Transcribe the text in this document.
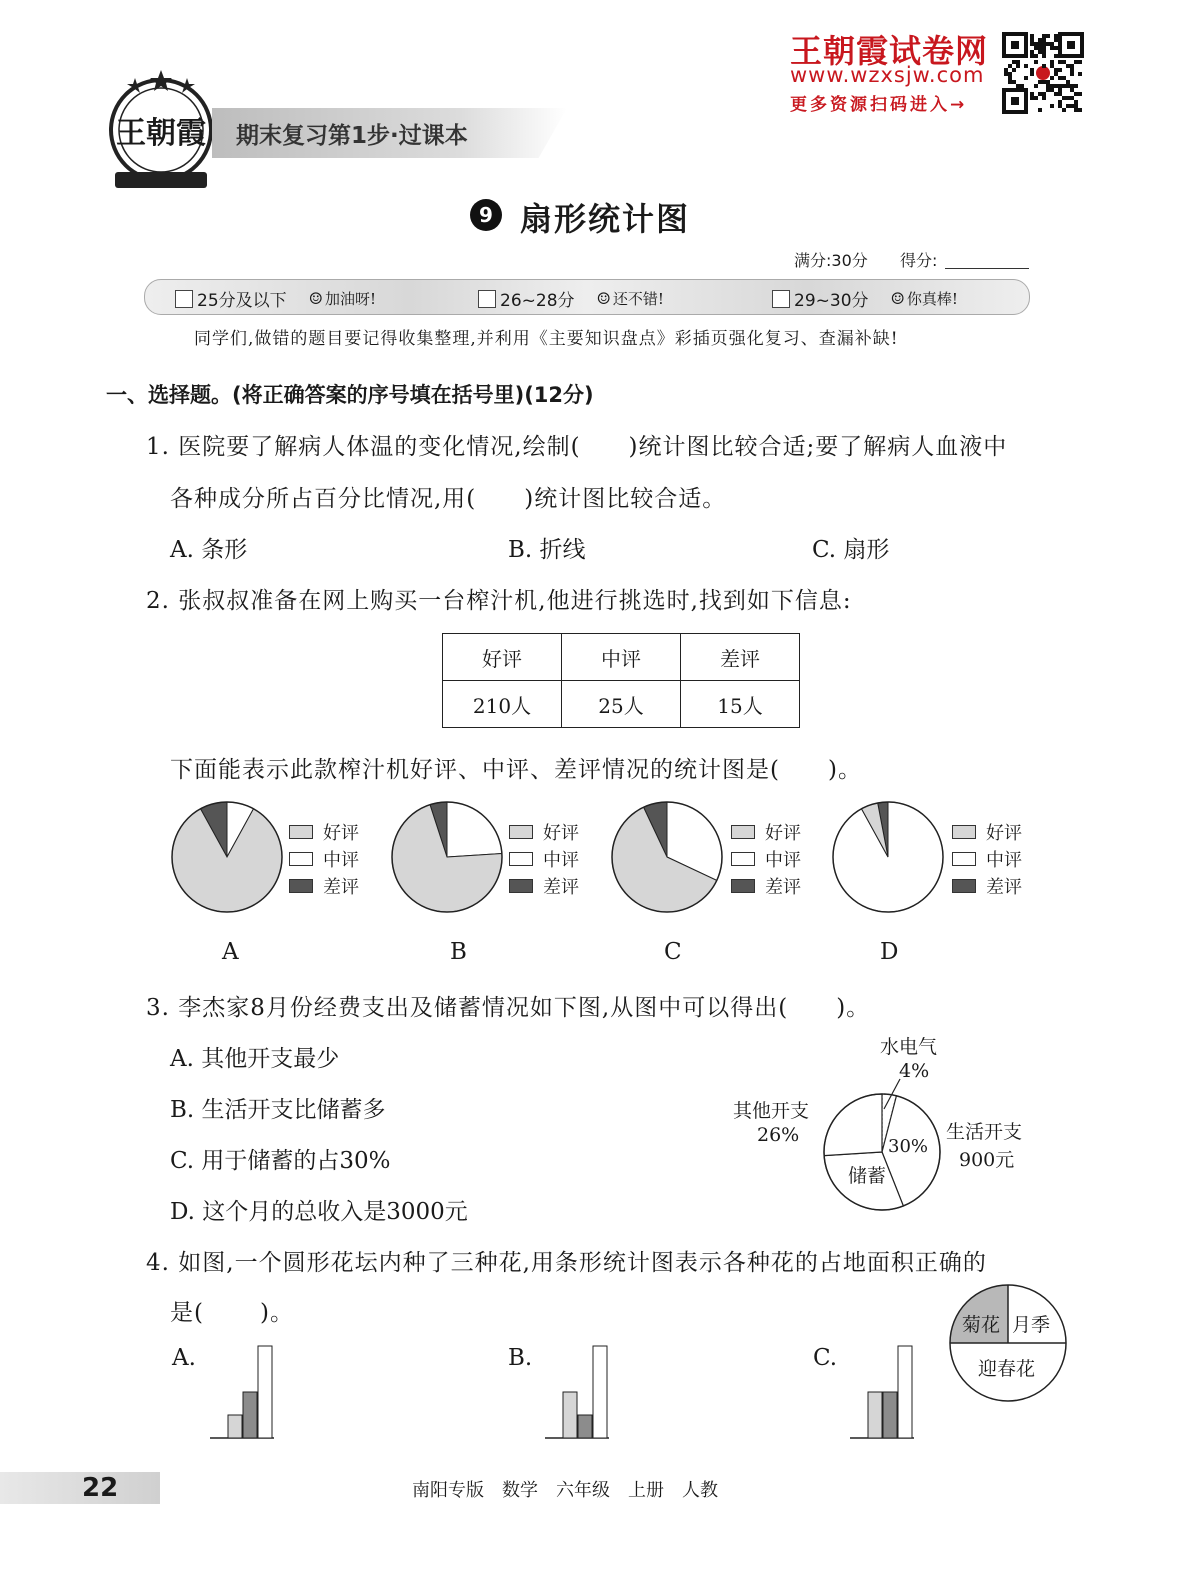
王朝霞 期末复习第1步·过课本
王朝霞试卷网
www.wzxsjw.com
更多资源扫码进入→
9 扇形统计图
满分:30分 得分:
25分及以下 ☺ 加油呀!	26~28分 ☺ 还不错!	29~30分 ☺ 你真棒!
同学们,做错的题目要记得收集整理,并利用《主要知识盘点》彩插页强化复习、查漏补缺!
一、选择题。(将正确答案的序号填在括号里)(12分)
1. 医院要了解病人体温的变化情况,绘制( )统计图比较合适;要了解病人血液中
各种成分所占百分比情况,用( )统计图比较合适。
A. 条形	B. 折线	C. 扇形
2. 张叔叔准备在网上购买一台榨汁机,他进行挑选时,找到如下信息:
好评	中评	差评
210人	25人	15人
下面能表示此款榨汁机好评、中评、差评情况的统计图是( )。
好评
中评
差评
好评
中评
差评
好评
中评
差评
好评
中评
差评
A	B	C	D
3. 李杰家8月份经费支出及储蓄情况如下图,从图中可以得出( )。
A. 其他开支最少
B. 生活开支比储蓄多
C. 用于储蓄的占30%
D. 这个月的总收入是3000元
水电气
4%
其他开支
26%	生活开支
900元
储蓄
30%
4. 如图,一个圆形花坛内种了三种花,用条形统计图表示各种花的占地面积正确的
是( )。
A.	B.	C.
菊花 月季
迎春花
22	南阳专版　数学　六年级　上册　人教
